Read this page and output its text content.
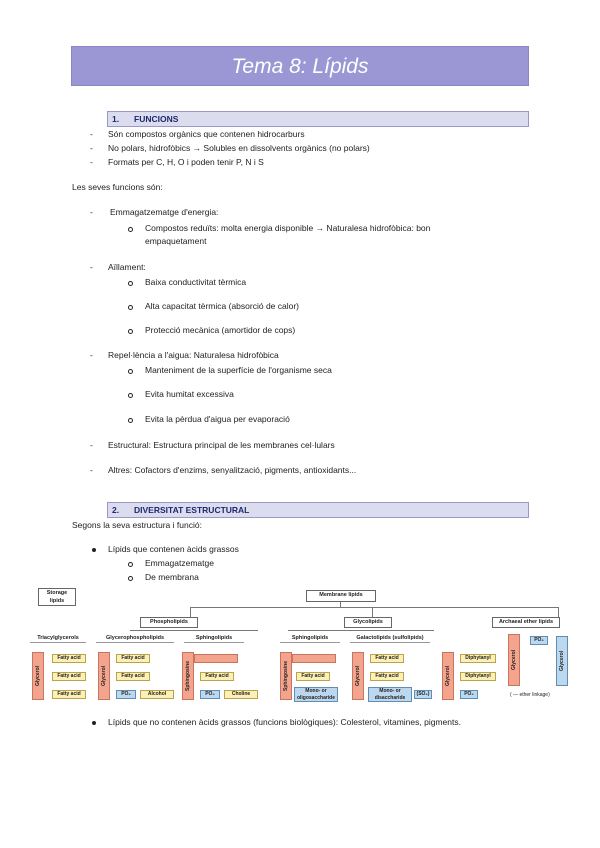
Tema 8: Lípids
1. FUNCIONS
- Són compostos orgànics que contenen hidrocarburs
- No polars, hidrofòbics → Solubles en dissolvents orgànics (no polars)
- Formats per C, H, O i poden tenir P, N i S
Les seves funcions són:
- Emmagatzematge d'energia:
Compostos reduïts: molta energia disponible → Naturalesa hidrofòbica: bon
empaquetament
- Aïllament:
Baixa conductivitat tèrmica
Alta capacitat tèrmica (absorció de calor)
Protecció mecànica (amortidor de cops)
- Repel·lència a l'aigua: Naturalesa hidrofòbica
Manteniment de la superfície de l'organisme seca
Evita humitat excessiva
Evita la pèrdua d'aigua per evaporació
- Estructural: Estructura principal de les membranes cel·lulars
- Altres: Cofactors d'enzims, senyalització, pigments, antioxidants...
2. DIVERSITAT ESTRUCTURAL
Segons la seva estructura i funció:
Lípids que contenen àcids grassos
Emmagatzematge
De membrana
Storage lipids
Membrane lipids
Phospholipids	Glycolipids	Archaeal ether lipids
Triacylglycerols	Glycerophospholipids	Sphingolipids	Sphingolipids	Galactolipids (sulfolipids)
Glycerol
Fatty acid
Fatty acid
Fatty acid
Glycerol
Fatty acid
Fatty acid
PO₄	Alcohol
Sphingosine	Fatty acid
PO₄	Choline
Sphingosine	Fatty acid
Mono- or oligosaccharide
Glycerol
Fatty acid
Fatty acid
Mono- or disaccharide
(SO₄)
Glycerol
Diphytanyl
Diphytanyl
PO₄
Glycerol
PO₄
Glycerol
( — ether linkage)
Lípids que no contenen àcids grassos (funcions biològiques): Colesterol, vitamines, pigments.
